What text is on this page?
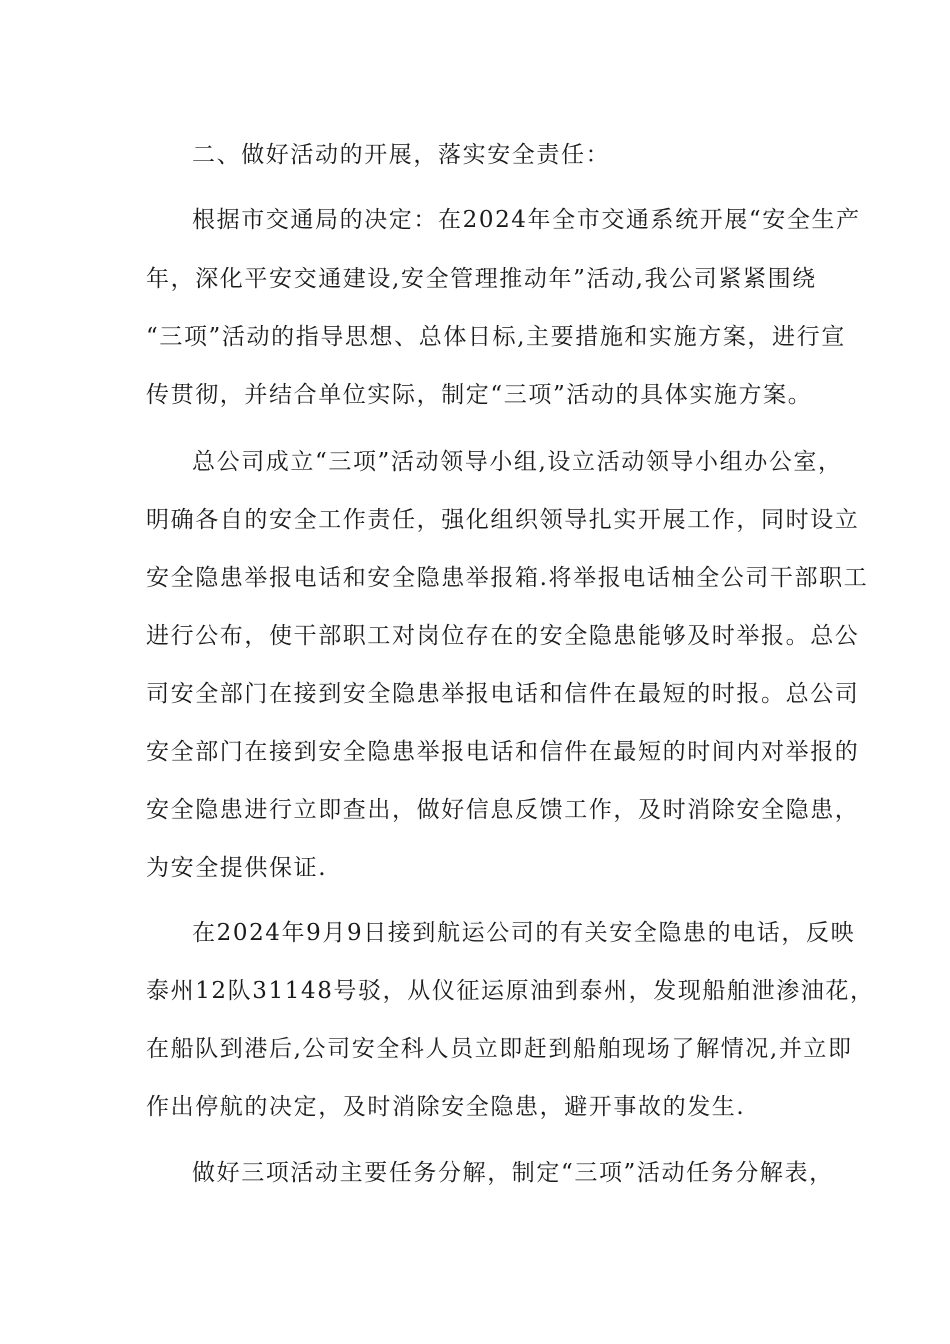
二、做好活动的开展，落实安全责任：
根据市交通局的决定：在2024年全市交通系统开展“安全生产
年，深化平安交通建设,安全管理推动年”活动,我公司紧紧围绕
“三项”活动的指导思想、总体日标,主要措施和实施方案，进行宣
传贯彻，并结合单位实际，制定“三项”活动的具体实施方案。
总公司成立“三项”活动领导小组,设立活动领导小组办公室，
明确各自的安全工作责任，强化组织领导扎实开展工作，同时设立
安全隐患举报电话和安全隐患举报箱.将举报电话柚全公司干部职工
进行公布，使干部职工对岗位存在的安全隐患能够及时举报。总公
司安全部门在接到安全隐患举报电话和信件在最短的时报。总公司
安全部门在接到安全隐患举报电话和信件在最短的时间内对举报的
安全隐患进行立即查出，做好信息反馈工作，及时消除安全隐患，
为安全提供保证.
在2024年9月9日接到航运公司的有关安全隐患的电话，反映
泰州12队31148号驳，从仪征运原油到泰州，发现船舶泄渗油花，
在船队到港后,公司安全科人员立即赶到船舶现场了解情况,并立即
作出停航的决定，及时消除安全隐患，避开事故的发生.
做好三项活动主要任务分解，制定“三项”活动任务分解表，
